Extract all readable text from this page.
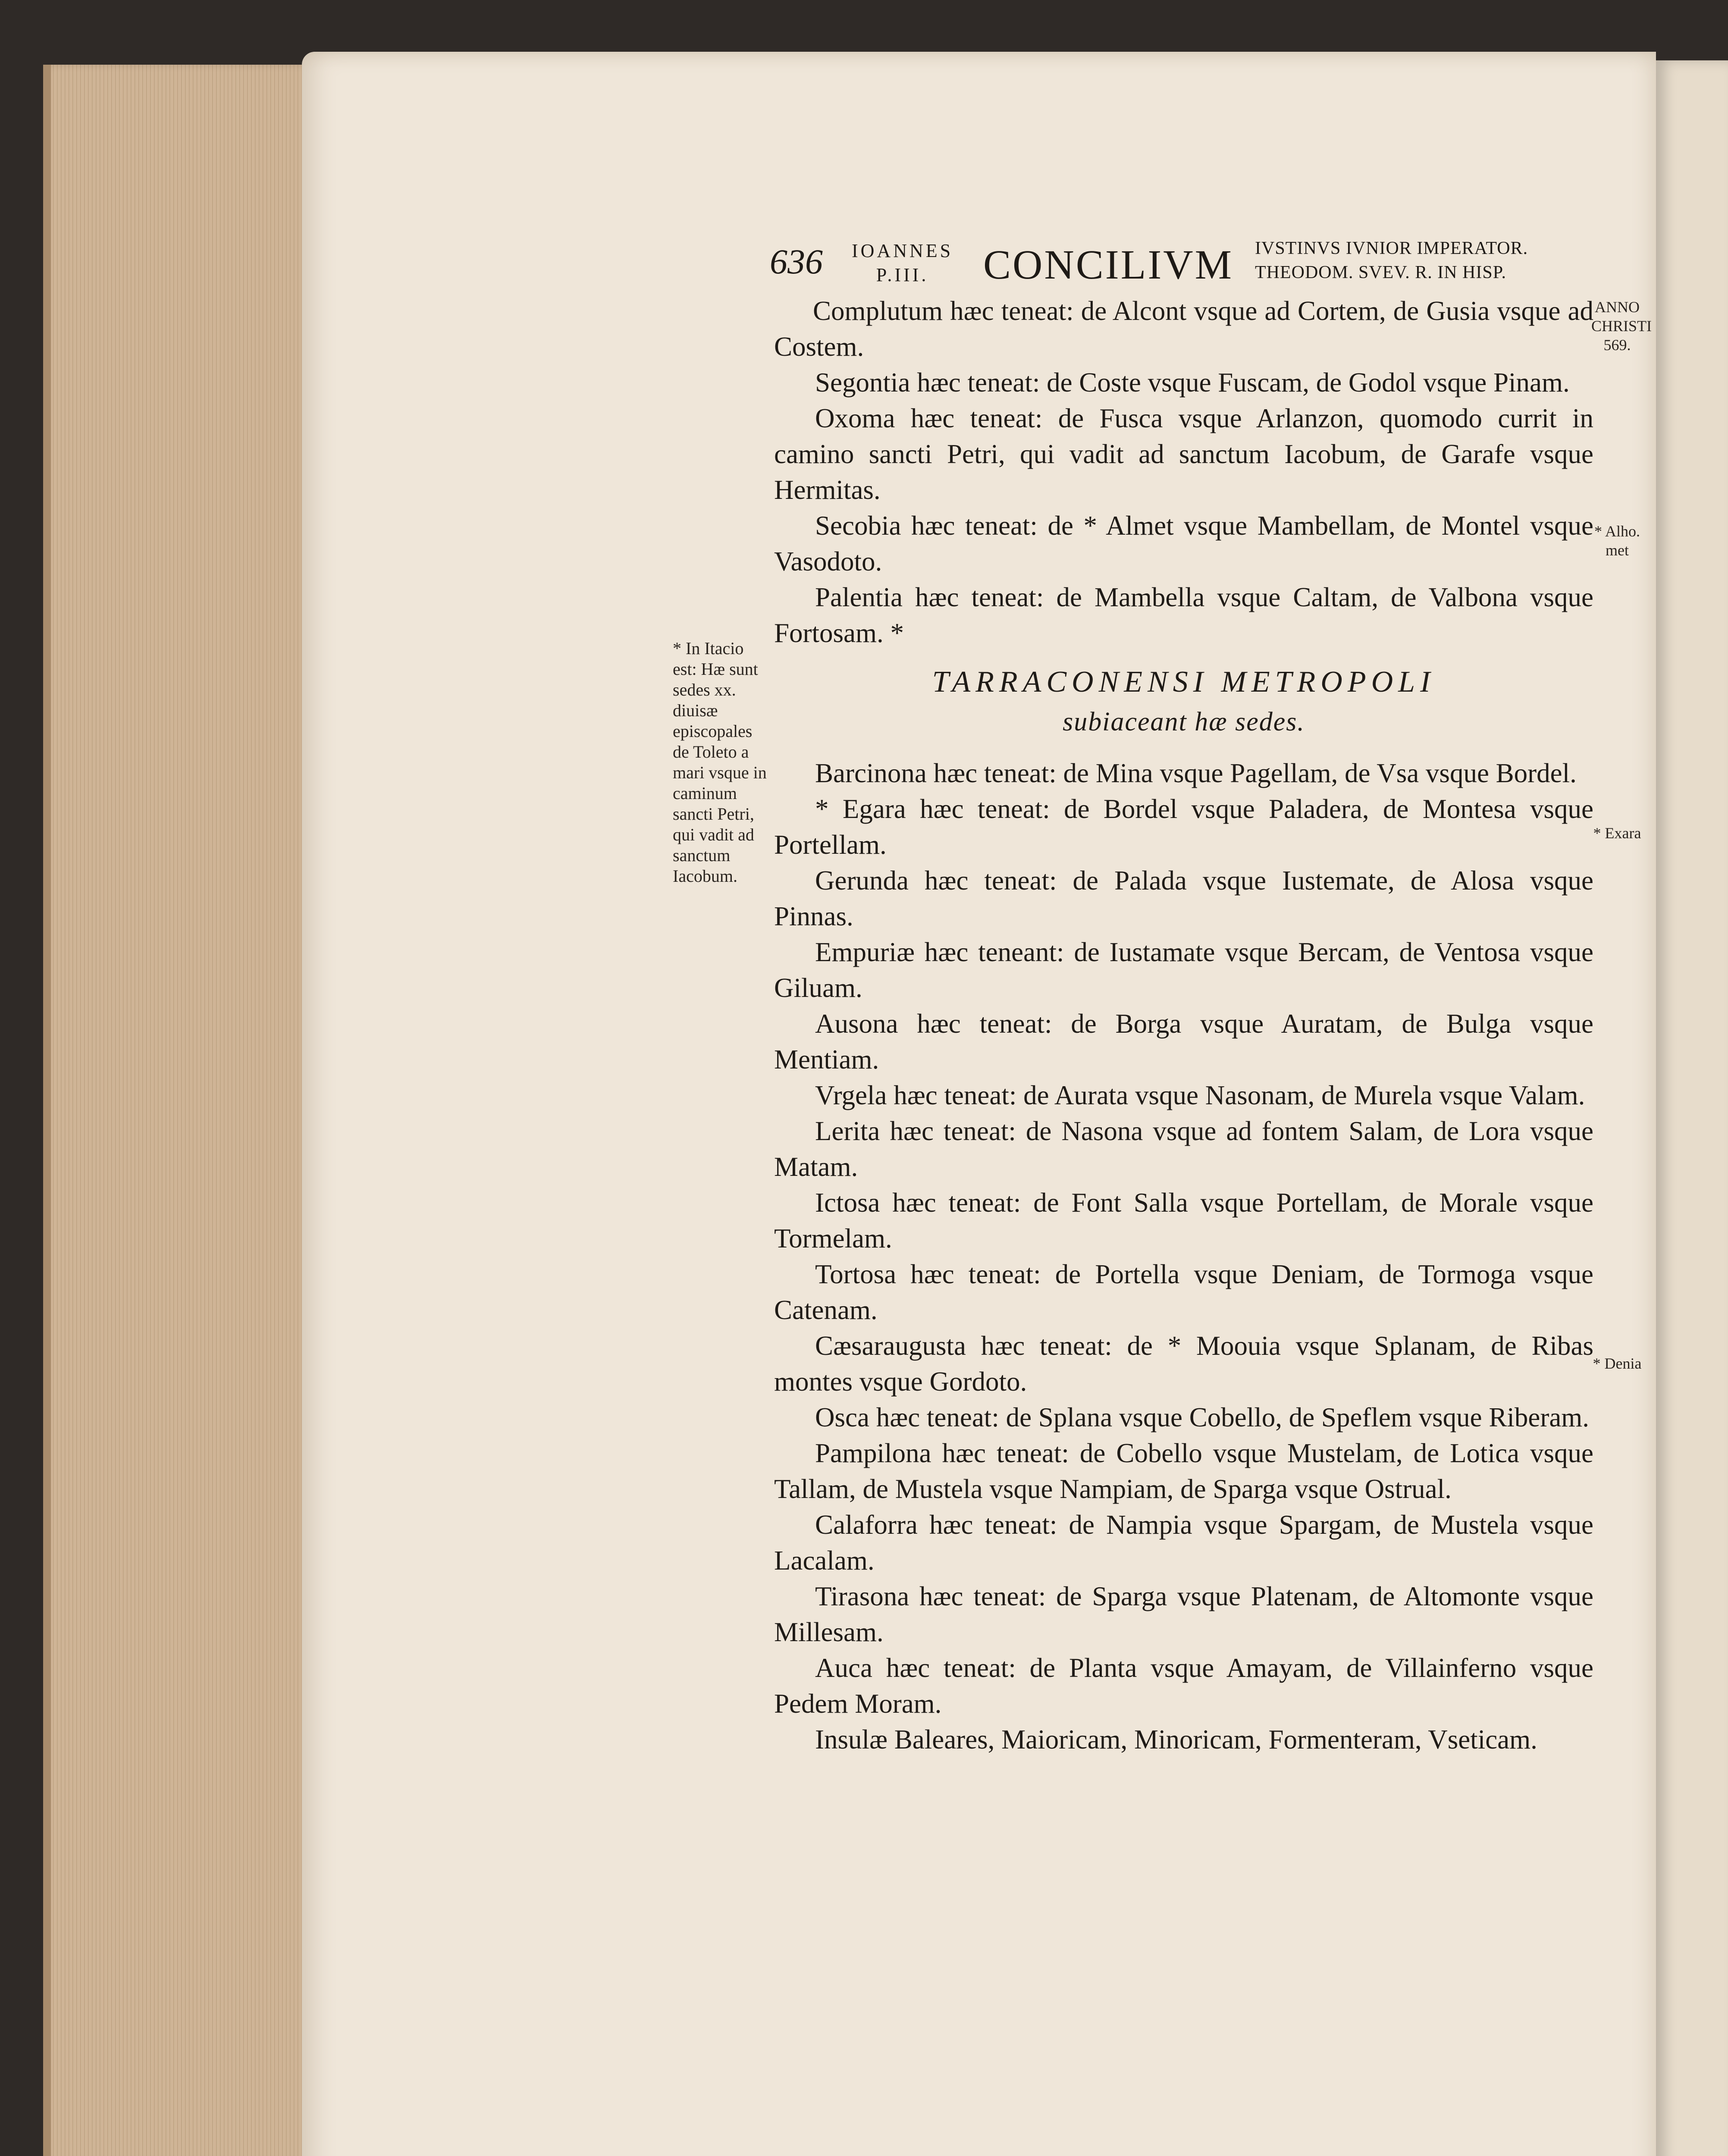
636 IOANNES
P.III.	CONCILIVM IVSTINVS IVNIOR IMPERATOR.
THEODOM. SVEV. R. IN HISP.
ANNO CHRISTI 569.
* Alho. met
* Exara
* Denia
* In Itacio est: Hæ sunt sedes xx. diuisæ episcopales de Toleto a mari vsque in caminum sancti Petri, qui vadit ad sanctum Iacobum.

Complutum hæc teneat: de Alcont vsque ad Cortem, de Gusia vsque ad Costem.

Segontia hæc teneat: de Coste vsque Fuscam, de Godol vsque Pinam.

Oxoma hæc teneat: de Fusca vsque Arlanzon, quomodo currit in camino sancti Petri, qui vadit ad sanctum Iacobum, de Garafe vsque Hermitas.

Secobia hæc teneat: de * Almet vsque Mambellam, de Montel vsque Vasodoto.

Palentia hæc teneat: de Mambella vsque Caltam, de Valbona vsque Fortosam. *

TARRACONENSI METROPOLI
subiaceant hæ sedes.

Barcinona hæc teneat: de Mina vsque Pagellam, de Vsa vsque Bordel.

* Egara hæc teneat: de Bordel vsque Paladera, de Montesa vsque Portellam.

Gerunda hæc teneat: de Palada vsque Iustemate, de Alosa vsque Pinnas.

Empuriæ hæc teneant: de Iustamate vsque Bercam, de Ventosa vsque Giluam.

Ausona hæc teneat: de Borga vsque Auratam, de Bulga vsque Mentiam.

Vrgela hæc teneat: de Aurata vsque Nasonam, de Murela vsque Valam.

Lerita hæc teneat: de Nasona vsque ad fontem Salam, de Lora vsque Matam.

Ictosa hæc teneat: de Font Salla vsque Portellam, de Morale vsque Tormelam.

Tortosa hæc teneat: de Portella vsque Deniam, de Tormoga vsque Catenam.

Cæsaraugusta hæc teneat: de * Moouia vsque Splanam, de Ribas montes vsque Gordoto.

Osca hæc teneat: de Splana vsque Cobello, de Speflem vsque Riberam.

Pampilona hæc teneat: de Cobello vsque Mustelam, de Lotica vsque Tallam, de Mustela vsque Nampiam, de Sparga vsque Ostrual.

Calaforra hæc teneat: de Nampia vsque Spargam, de Mustela vsque Lacalam.

Tirasona hæc teneat: de Sparga vsque Platenam, de Altomonte vsque Millesam.

Auca hæc teneat: de Planta vsque Amayam, de Villainferno vsque Pedem Moram.

Insulæ Baleares, Maioricam, Minoricam, Formenteram, Vseticam.
